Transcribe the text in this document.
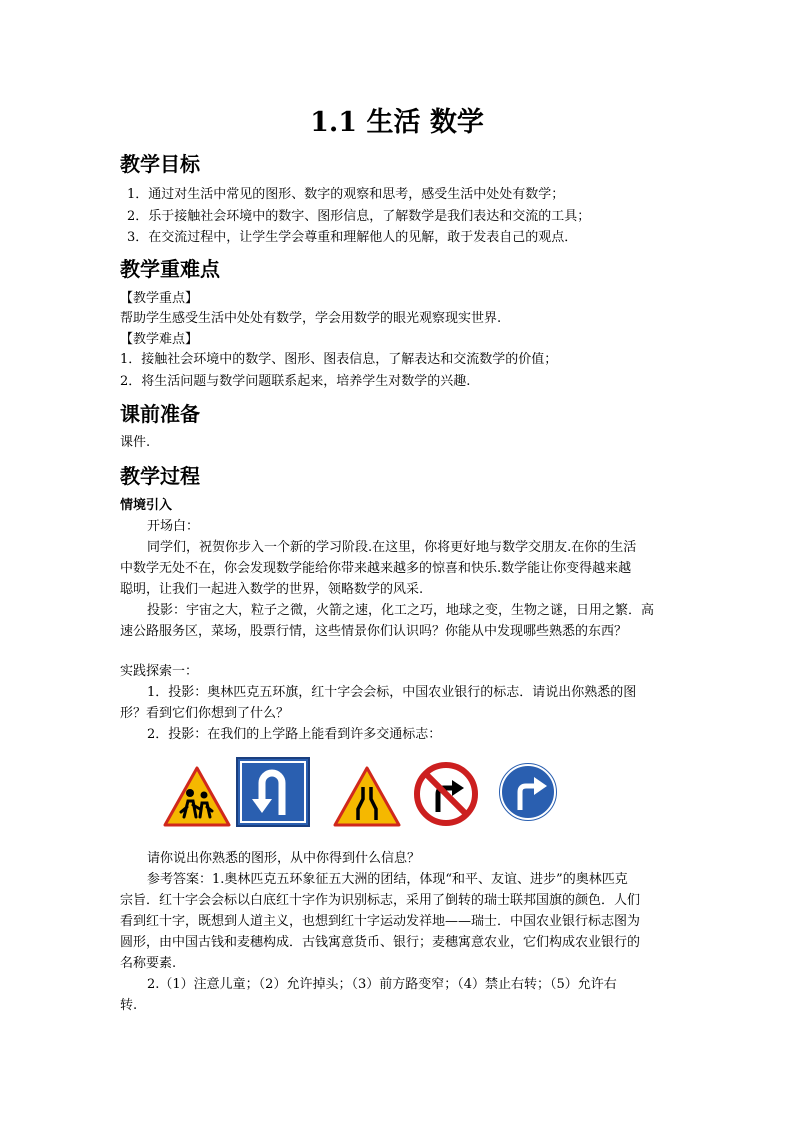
1.1 生活 数学
教学目标
1．通过对生活中常见的图形、数字的观察和思考，感受生活中处处有数学；
2．乐于接触社会环境中的数字、图形信息，了解数学是我们表达和交流的工具；
3．在交流过程中，让学生学会尊重和理解他人的见解，敢于发表自己的观点．
教学重难点
【教学重点】
帮助学生感受生活中处处有数学，学会用数学的眼光观察现实世界.
【教学难点】
1．接触社会环境中的数学、图形、图表信息，了解表达和交流数学的价值；
2．将生活问题与数学问题联系起来，培养学生对数学的兴趣.
课前准备
课件.
教学过程
情境引入
开场白：
同学们，祝贺你步入一个新的学习阶段.在这里，你将更好地与数学交朋友.在你的生活
中数学无处不在，你会发现数学能给你带来越来越多的惊喜和快乐.数学能让你变得越来越
聪明，让我们一起进入数学的世界，领略数学的风采.
投影：宇宙之大，粒子之微，火箭之速，化工之巧，地球之变，生物之谜，日用之繁．高
速公路服务区，菜场，股票行情，这些情景你们认识吗？你能从中发现哪些熟悉的东西？
实践探索一：
1．投影：奥林匹克五环旗，红十字会会标，中国农业银行的标志．请说出你熟悉的图
形？看到它们你想到了什么？
2．投影：在我们的上学路上能看到许多交通标志：
请你说出你熟悉的图形，从中你得到什么信息？
参考答案：1.奥林匹克五环象征五大洲的团结，体现“和平、友谊、进步”的奥林匹克
宗旨．红十字会会标以白底红十字作为识别标志，采用了倒转的瑞士联邦国旗的颜色．人们
看到红十字，既想到人道主义，也想到红十字运动发祥地——瑞士．中国农业银行标志图为
圆形，由中国古钱和麦穗构成．古钱寓意货币、银行；麦穗寓意农业，它们构成农业银行的
名称要素.
2.（1）注意儿童；（2）允许掉头；（3）前方路变窄；（4）禁止右转；（5）允许右
转.
